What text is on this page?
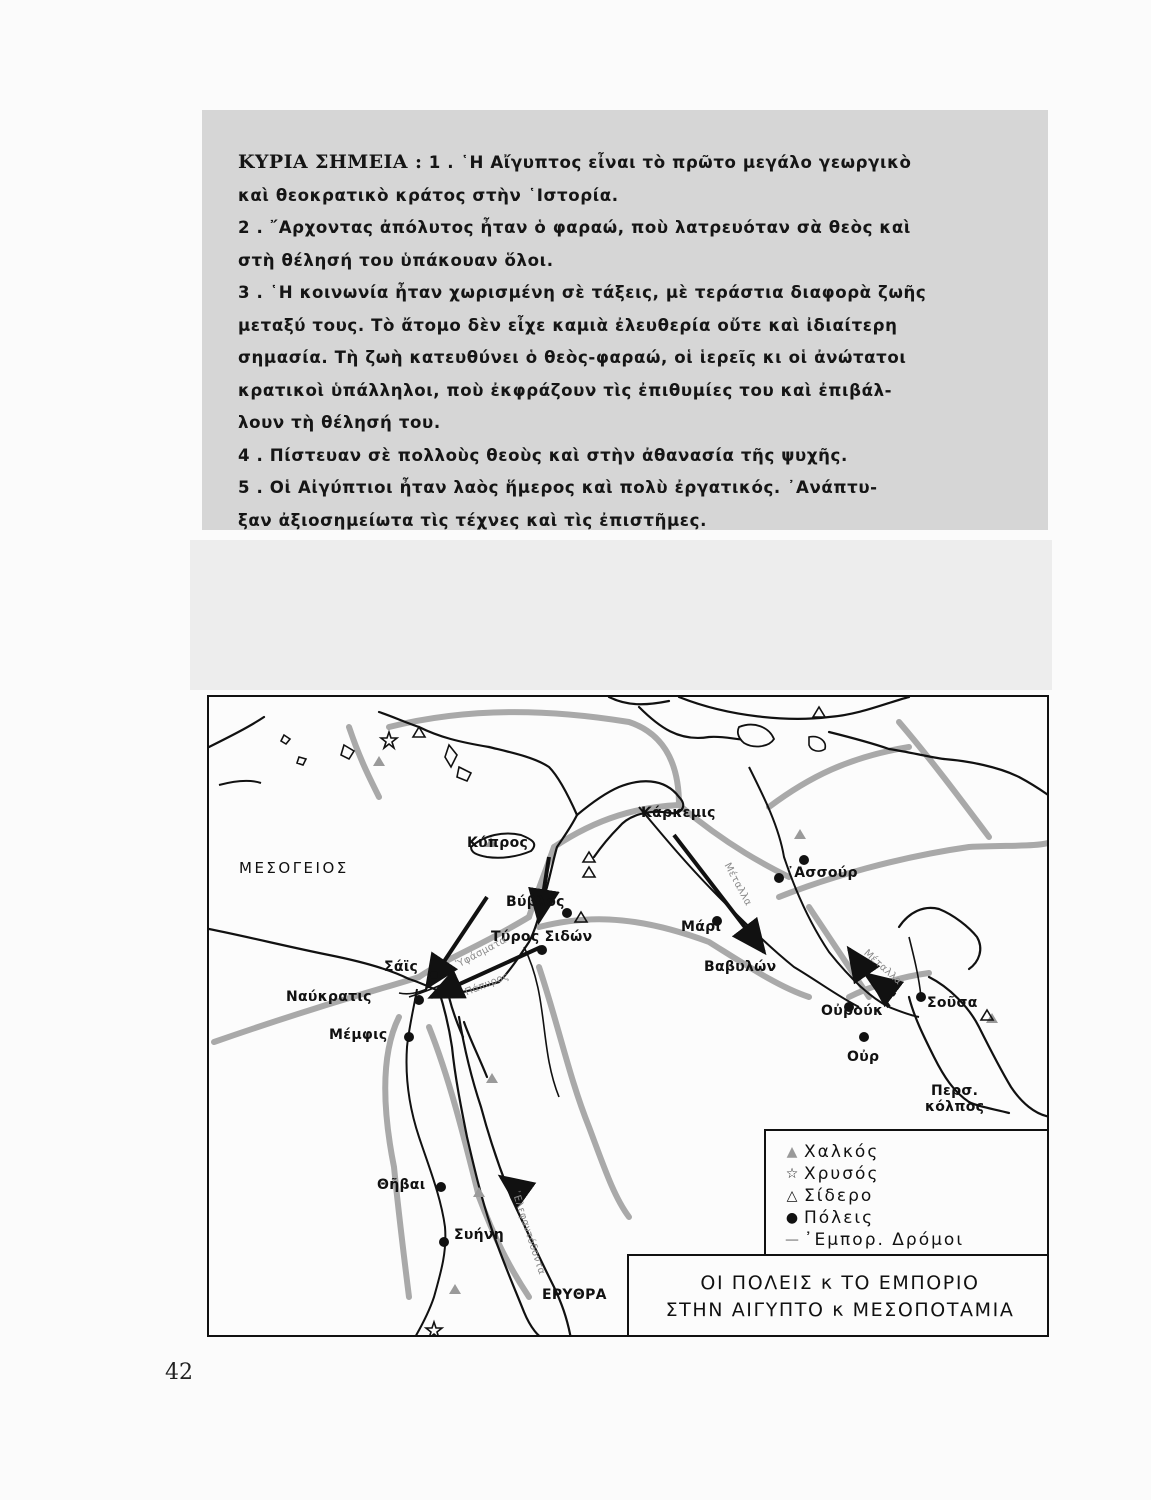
ΚΥΡΙΑ ΣΗΜΕΙΑ : 1 . ῾Η Αἴγυπτος εἶναι τὸ πρῶτο μεγάλο γεωργικὸ

καὶ θεοκρατικὸ κράτος στὴν ῾Ιστορία.

2 . ῎Αρχοντας ἀπόλυτος ἦταν ὁ φαραώ, ποὺ λατρευόταν σὰ θεὸς καὶ

στὴ θέλησή του ὑπάκουαν ὅλοι.

3 . ῾Η κοινωνία ἦταν χωρισμένη σὲ τάξεις, μὲ τεράστια διαφορὰ ζωῆς

μεταξύ τους. Τὸ ἄτομο δὲν εἶχε καμιὰ ἐλευθερία οὔτε καὶ ἰδιαίτερη

σημασία. Τὴ ζωὴ κατευθύνει ὁ θεὸς-φαραώ, οἱ ἱερεῖς κι οἱ ἀνώτατοι

κρατικοὶ ὑπάλληλοι, ποὺ ἐκφράζουν τὶς ἐπιθυμίες του καὶ ἐπιβάλ-

λουν τὴ θέλησή του.

4 . Πίστευαν σὲ πολλοὺς θεοὺς καὶ στὴν ἀθανασία τῆς ψυχῆς.

5 . Οἱ Αἰγύπτιοι ἦταν λαὸς ἥμερος καὶ πολὺ ἐργατικός. ᾽Ανάπτυ-

ξαν ἀξιοσημείωτα τὶς τέχνες καὶ τὶς ἐπιστῆμες.

ΜΕΣΟΓΕΙΟΣ
Κύπρος
Βύβλος
Τύρος Σιδών
Σάϊς
Ναύκρατις
Μέμφις
Θῆβαι
Συήνη
ΕΡΥΘΡΑ
Κάρκεμις
᾽Ασσούρ
Μάρι
Βαβυλών
Οὐρούκ	Σοῦσα
Οὐρ
Περσ.
κόλπος
Ὑφάσματα
Πάπυρος
Μέταλλα
Μέταλλα
᾽Ελεφαντόδοντα
▲ Χαλκός
☆ Χρυσός
△ Σίδερο
● Πόλεις
— ᾽Εμπορ. Δρόμοι
ΟΙ ΠΟΛΕΙΣ κ ΤΟ ΕΜΠΟΡΙΟ
ΣΤΗΝ ΑΙΓΥΠΤΟ κ ΜΕΣΟΠΟΤΑΜΙΑ
42
